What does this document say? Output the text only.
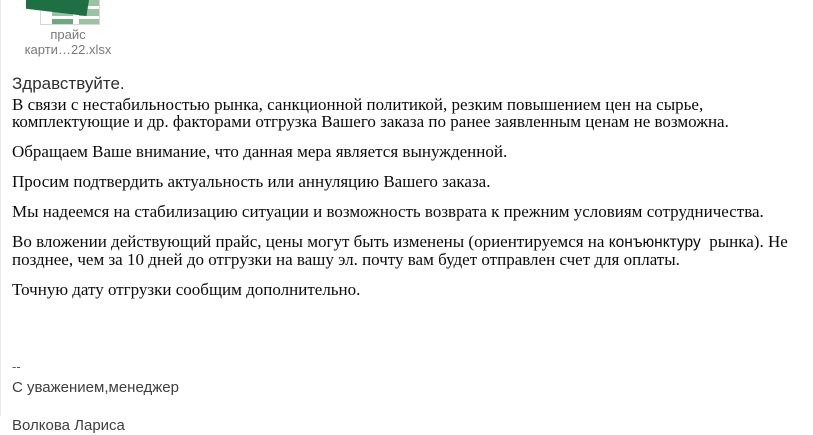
прайс
карти…22.xlsx

Здравствуйте.

В связи с нестабильностью рынка, санкционной политикой, резким повышением цен на сырье, комплектующие и др. факторами отгрузка Вашего заказа по ранее заявленным ценам не возможна.

Обращаем Ваше внимание, что данная мера является вынужденной.

Просим подтвердить актуальность или аннуляцию Вашего заказа.

Мы надеемся на стабилизацию ситуации и возможность возврата к прежним условиям сотрудничества.

Во вложении действующий прайс, цены могут быть изменены (ориентируемся на конъюнктуру  рынка). Не позднее, чем за 10 дней до отгрузки на вашу эл. почту вам будет отправлен счет для оплаты.

Точную дату отгрузки сообщим дополнительно.

--

С уважением,менеджер

Волкова Лариса
